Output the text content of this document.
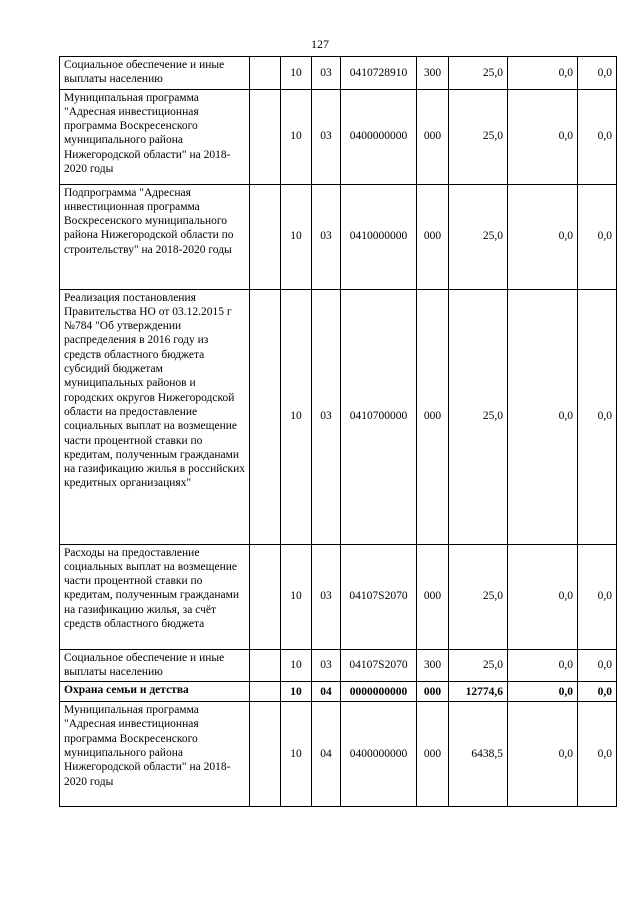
127
Социальное обеспечение и иные выплаты населению		10	03	0410728910	300	25,0	0,0	0,0
Муниципальная программа "Адресная инвестиционная программа Воскресенского муниципального района Нижегородской области" на 2018-2020 годы		10	03	0400000000	000	25,0	0,0	0,0
Подпрограмма "Адресная инвестиционная программа Воскресенского муниципального района Нижегородской области по строительству" на 2018-2020 годы		10	03	0410000000	000	25,0	0,0	0,0
Реализация постановления Правительства НО от 03.12.2015 г №784 "Об утверждении распределения в 2016 году из средств областного бюджета субсидий бюджетам муниципальных районов и городских округов Нижегородской области на предоставление социальных выплат на возмещение части процентной ставки по кредитам, полученным гражданами на газификацию жилья в российских кредитных организациях"		10	03	0410700000	000	25,0	0,0	0,0
Расходы на предоставление социальных выплат на возмещение части процентной ставки по кредитам, полученным гражданами на газификацию жилья, за счёт средств областного бюджета		10	03	04107S2070	000	25,0	0,0	0,0
Социальное обеспечение и иные выплаты населению		10	03	04107S2070	300	25,0	0,0	0,0
Охрана семьи и детства		10	04	0000000000	000	12774,6	0,0	0,0
Муниципальная программа "Адресная инвестиционная программа Воскресенского муниципального района Нижегородской области" на 2018-2020 годы		10	04	0400000000	000	6438,5	0,0	0,0
